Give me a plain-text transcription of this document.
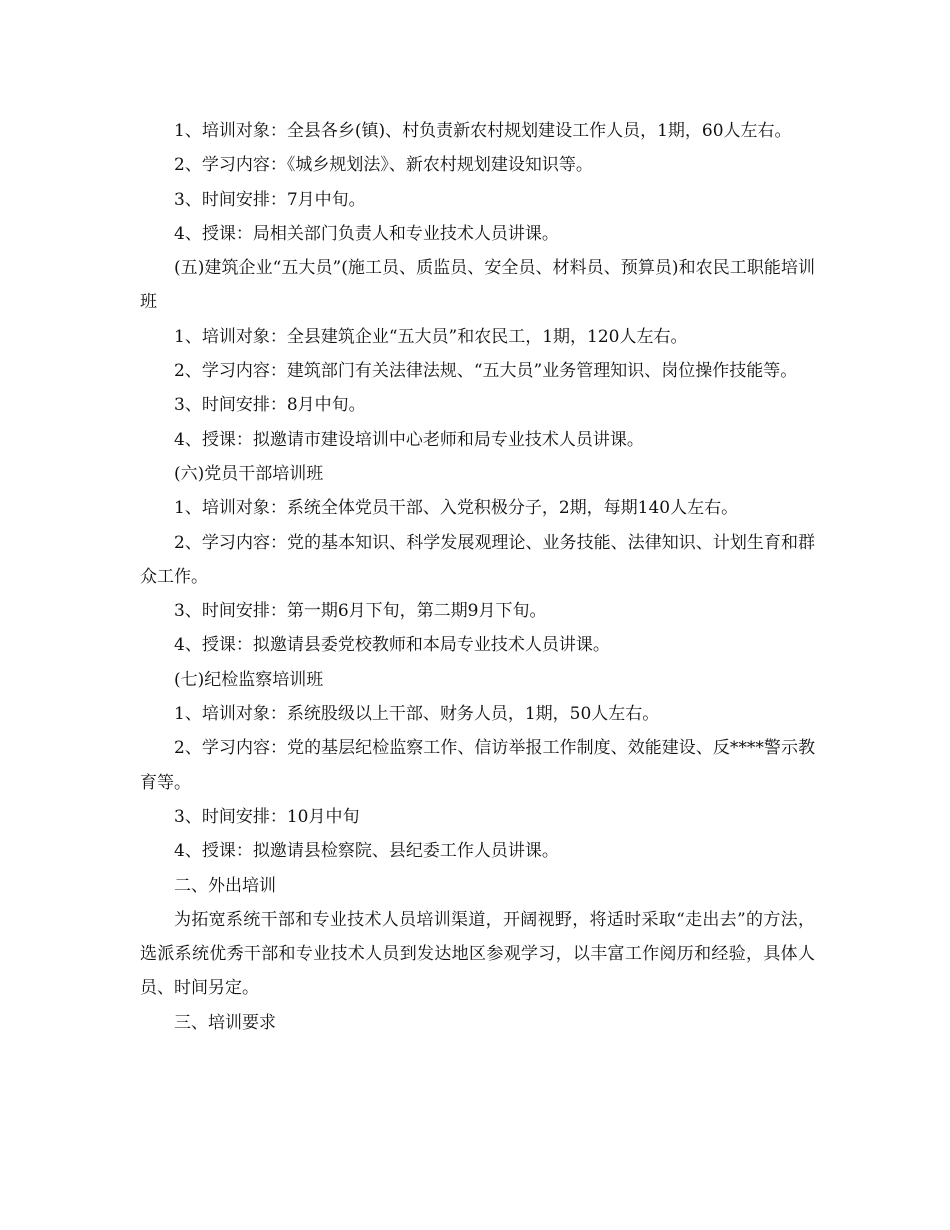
1、培训对象：全县各乡(镇)、村负责新农村规划建设工作人员，1期，60人左右。

2、学习内容：《城乡规划法》、新农村规划建设知识等。

3、时间安排：7月中旬。

4、授课：局相关部门负责人和专业技术人员讲课。

(五)建筑企业“五大员”(施工员、质监员、安全员、材料员、预算员)和农民工职能培训班

1、培训对象：全县建筑企业“五大员”和农民工，1期，120人左右。

2、学习内容：建筑部门有关法律法规、“五大员”业务管理知识、岗位操作技能等。

3、时间安排：8月中旬。

4、授课：拟邀请市建设培训中心老师和局专业技术人员讲课。

(六)党员干部培训班

1、培训对象：系统全体党员干部、入党积极分子，2期，每期140人左右。

2、学习内容：党的基本知识、科学发展观理论、业务技能、法律知识、计划生育和群众工作。

3、时间安排：第一期6月下旬，第二期9月下旬。

4、授课：拟邀请县委党校教师和本局专业技术人员讲课。

(七)纪检监察培训班

1、培训对象：系统股级以上干部、财务人员，1期，50人左右。

2、学习内容：党的基层纪检监察工作、信访举报工作制度、效能建设、反****警示教育等。

3、时间安排：10月中旬

4、授课：拟邀请县检察院、县纪委工作人员讲课。

二、外出培训

为拓宽系统干部和专业技术人员培训渠道，开阔视野，将适时采取“走出去”的方法，选派系统优秀干部和专业技术人员到发达地区参观学习，以丰富工作阅历和经验，具体人员、时间另定。

三、培训要求
